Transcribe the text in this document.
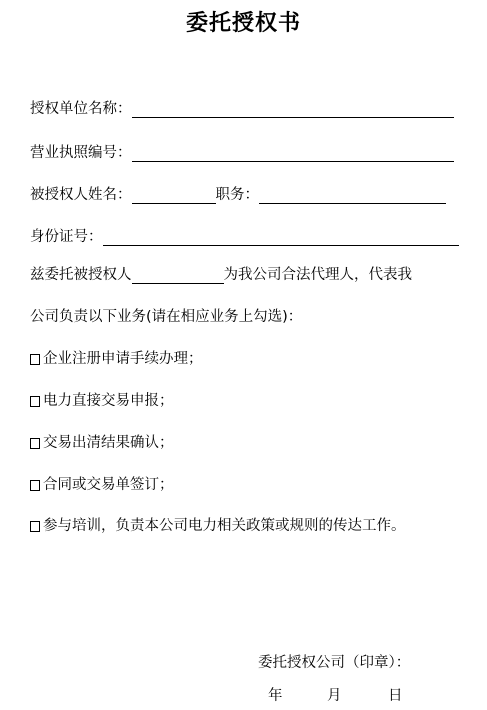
委托授权书
授权单位名称：
营业执照编号：
被授权人姓名：	职务：
身份证号：
兹委托被授权人	为我公司合法代理人，代表我
公司负责以下业务(请在相应业务上勾选)：
企业注册申请手续办理；
电力直接交易申报；
交易出清结果确认；
合同或交易单签订；
参与培训，负责本公司电力相关政策或规则的传达工作。
委托授权公司（印章）：
年	月	日
